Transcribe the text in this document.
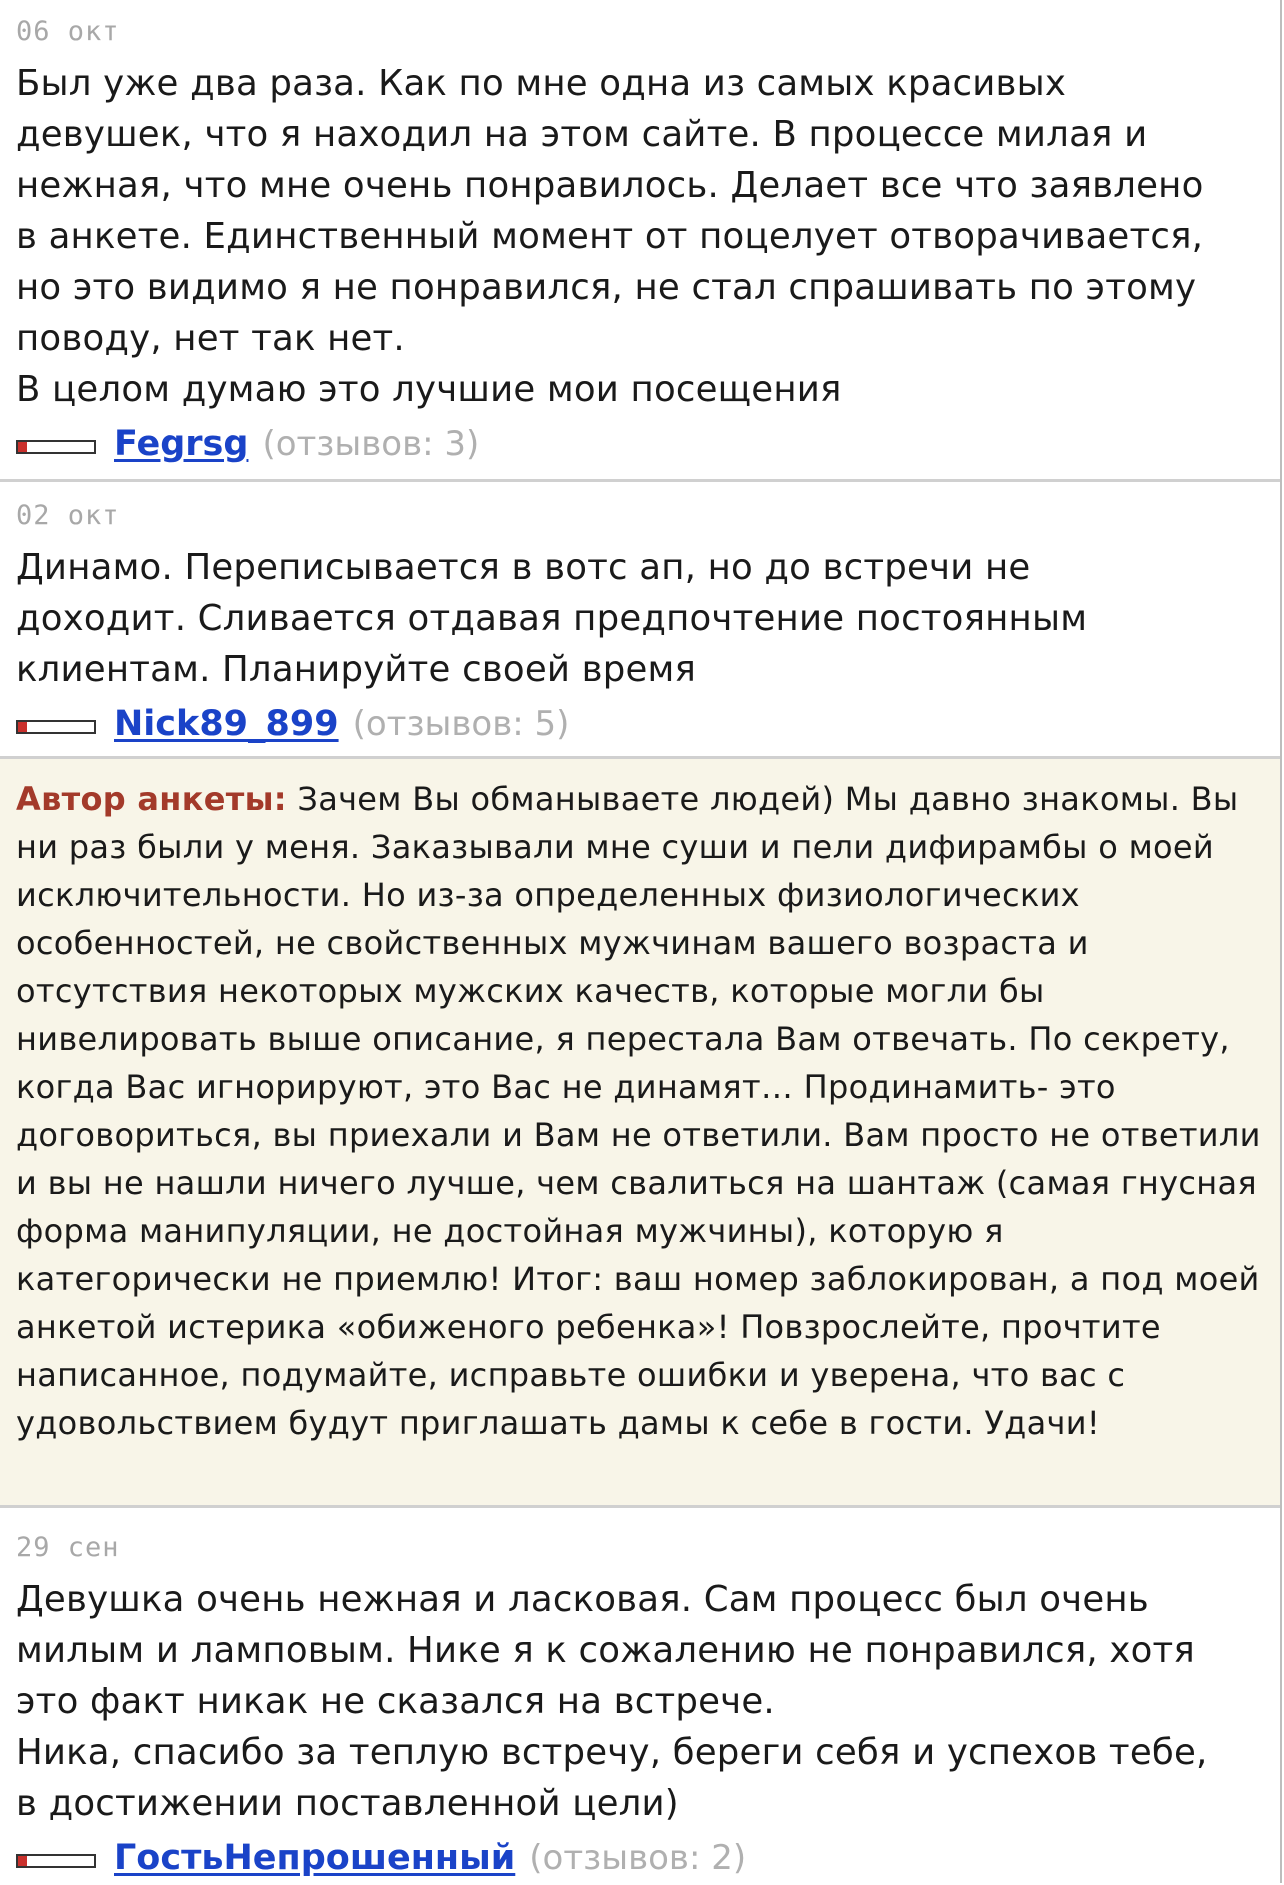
06 окт
Был уже два раза. Как по мне одна из самых красивых
девушек, что я находил на этом сайте. В процессе милая и
нежная, что мне очень понравилось. Делает все что заявлено
в анкете. Единственный момент от поцелует отворачивается,
но это видимо я не понравился, не стал спрашивать по этому
поводу, нет так нет.
В целом думаю это лучшие мои посещения
Fegrsg (отзывов: 3)
02 окт
Динамо. Переписывается в вотс ап, но до встречи не
доходит. Сливается отдавая предпочтение постоянным
клиентам. Планируйте своей время
Nick89_899 (отзывов: 5)
Автор анкеты: Зачем Вы обманываете людей) Мы давно знакомы. Вы ни раз были у меня. Заказывали мне суши и пели дифирамбы о моей исключительности. Но из-за определенных физиологических особенностей, не свойственных мужчинам вашего возраста и отсутствия некоторых мужских качеств, которые могли бы нивелировать выше описание, я перестала Вам отвечать. По секрету, когда Вас игнорируют, это Вас не динамят… Продинамить- это договориться, вы приехали и Вам не ответили. Вам просто не ответили и вы не нашли ничего лучше, чем свалиться на шантаж (самая гнусная форма манипуляции, не достойная мужчины), которую я категорически не приемлю! Итог: ваш номер заблокирован, а под моей анкетой истерика «обиженого ребенка»! Повзрослейте, прочтите написанное, подумайте, исправьте ошибки и уверена, что вас с удовольствием будут приглашать дамы к себе в гости. Удачи!
29 сен
Девушка очень нежная и ласковая. Сам процесс был очень
милым и ламповым. Нике я к сожалению не понравился, хотя
это факт никак не сказался на встрече.
Ника, спасибо за теплую встречу, береги себя и успехов тебе,
в достижении поставленной цели)
ГостьНепрошенный (отзывов: 2)
